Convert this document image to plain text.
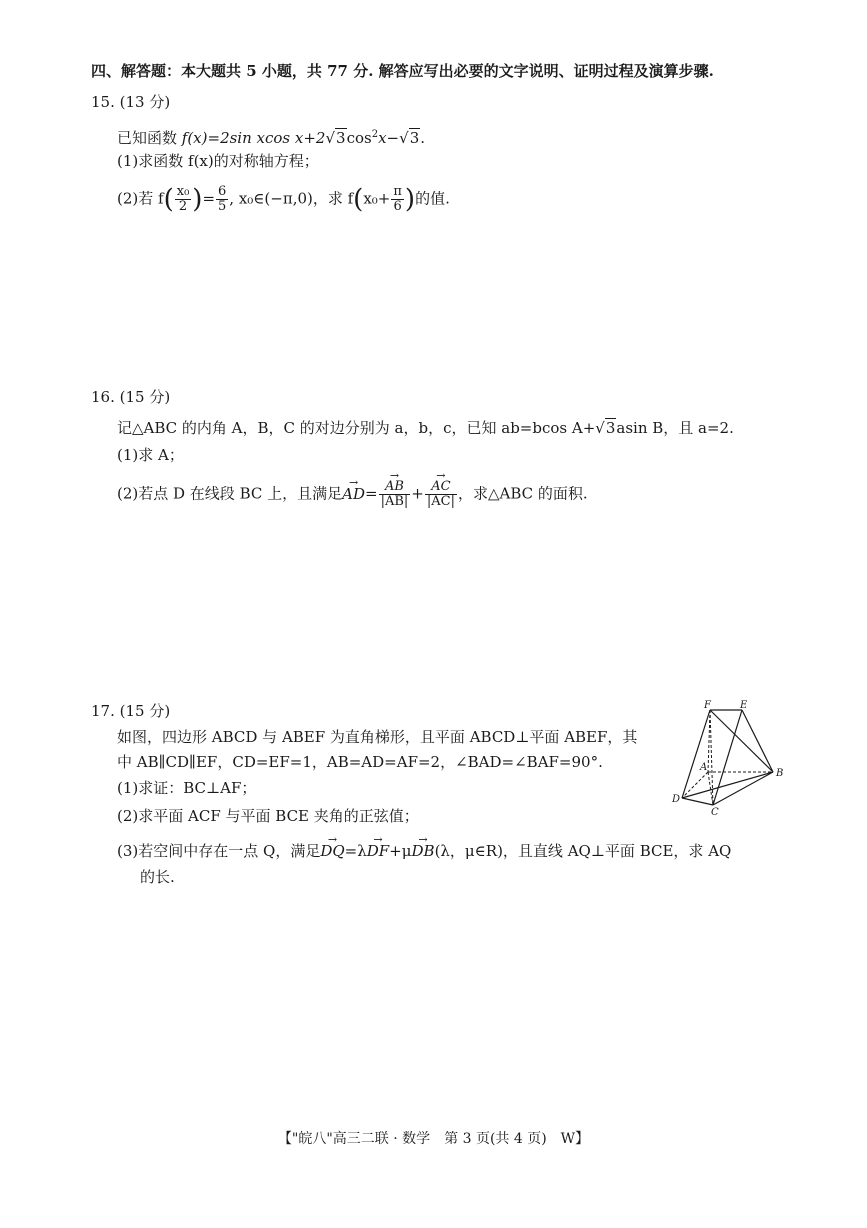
四、解答题：本大题共 5 小题，共 77 分. 解答应写出必要的文字说明、证明过程及演算步骤.
15. (13 分)
已知函数 f(x)=2sin xcos $x+2√3\cos^2x-√3$.
(1)求函数 f(x)的对称轴方程；
(2)若 $f( \frac{\text{x₀}}{2}$ )= $\frac{6}{5}$ , x₀∈(−π,0)，求 $f(x_0+ \frac{\pi}{6}$ )的值.
16. (15 分)
记△ABC 的内角 A，B，C 的对边分别为 a，b，c，已知 ab=bcos A+√3asin B，且 a=2.
(1)求 A；
(2)若点 D 在线段 BC 上，且满足→ AD=
→ $\frac{AB}{|AB|}$ +
→ $\frac{AC}{|AC|}$ ，求△ABC 的面积.
17. (15 分)
如图，四边形 ABCD 与 ABEF 为直角梯形，且平面 ABCD⊥平面 ABEF，其
中 AB∥CD∥EF，CD=EF=1，AB=AD=AF=2，∠BAD=∠BAF=90°.
(1)求证：BC⊥AF；
(2)求平面 ACF 与平面 BCE 夹角的正弦值；
(3)若空间中存在一点 Q，满足→ DQ=λ→ DF+μ→ DB(λ，μ∈R)，且直线 AQ⊥平面 BCE，求 AQ
的长.
F	E
A
B
D
C
【"皖八"高三二联 · 数学　第 3 页(共 4 页)　W】
